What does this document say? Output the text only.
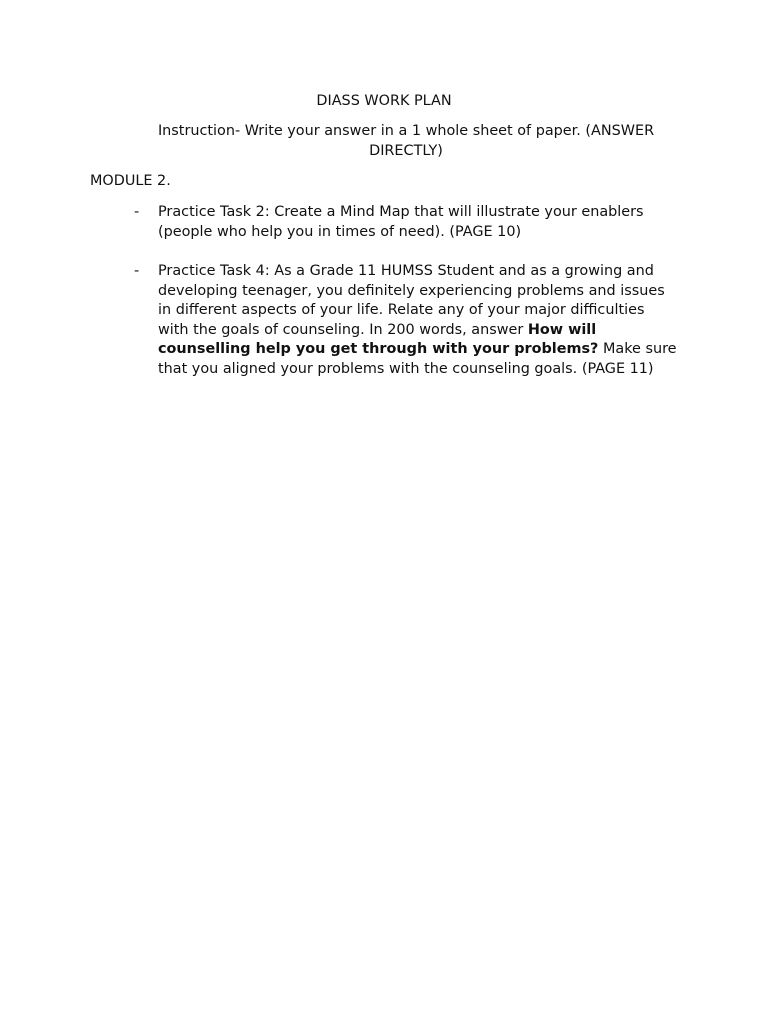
DIASS WORK PLAN
Instruction- Write your answer in a 1 whole sheet of paper. (ANSWER DIRECTLY)
MODULE 2.
- Practice Task 2: Create a Mind Map that will illustrate your enablers (people who help you in times of need). (PAGE 10)
- Practice Task 4: As a Grade 11 HUMSS Student and as a growing and developing teenager, you definitely experiencing problems and issues in different aspects of your life. Relate any of your major difficulties with the goals of counseling. In 200 words, answer How will counselling help you get through with your problems? Make sure that you aligned your problems with the counseling goals. (PAGE 11)
